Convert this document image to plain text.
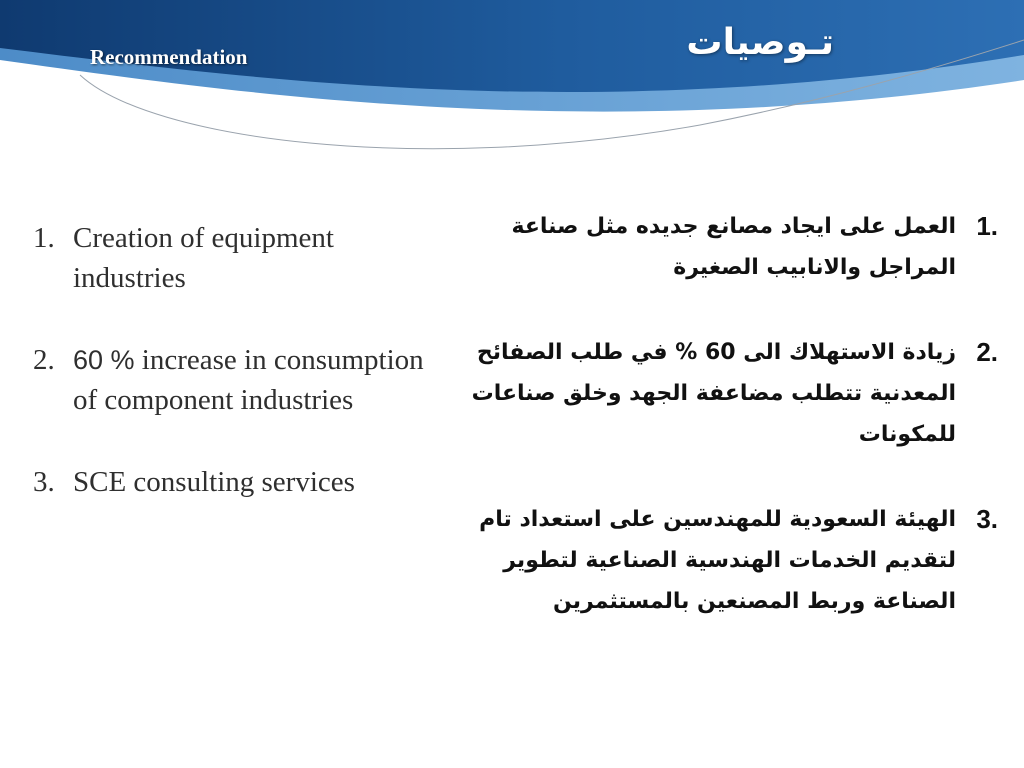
Recommendation	تـوصيات
1. Creation of equipment industries
2. 60 % increase in consumption of component industries
3. SCE consulting services
1.
العمل على ايجاد مصانع جديده مثل صناعة المراجل والانابيب الصغيرة
2.
زيادة الاستهلاك الى 60 % في طلب الصفائح المعدنية تتطلب مضاعفة الجهد وخلق صناعات للمكونات
3.
الهيئة السعودية للمهندسين على استعداد تام لتقديم الخدمات الهندسية الصناعية لتطوير الصناعة وربط المصنعين بالمستثمرين
